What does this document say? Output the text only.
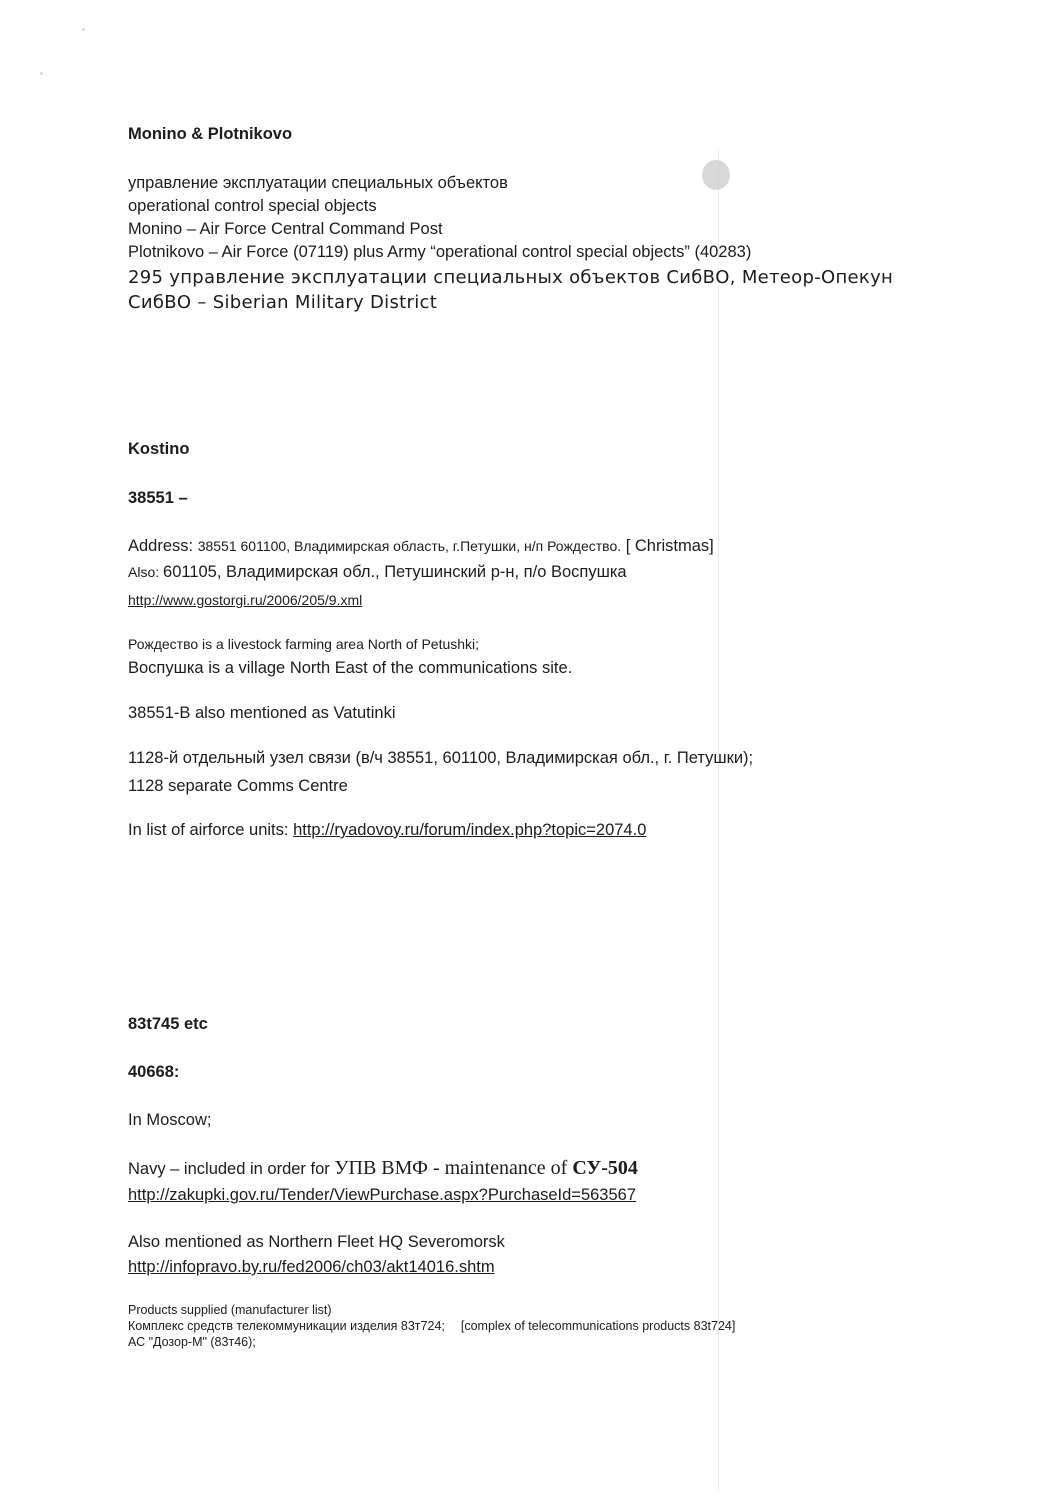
Monino & Plotnikovo
управление эксплуатации специальных объектов
operational control special objects
Monino – Air Force Central Command Post
Plotnikovo – Air Force (07119) plus Army “operational control special objects” (40283)
295 управление эксплуатации специальных объектов СибВО, Метеор-Опекун
СибВО – Siberian Military District
Kostino
38551 –
Address: 38551 601100, Владимирская область, г.Петушки, н/п Рождество. [ Christmas]
Also: 601105, Владимирская обл., Петушинский р-н, п/о Воспушка
http://www.gostorgi.ru/2006/205/9.xml
Рождество is a livestock farming area North of Petushki;
Воспушка is a village North East of the communications site.
38551-B also mentioned as Vatutinki
1128-й отдельный узел связи (в/ч 38551, 601100, Владимирская обл., г. Петушки);
1128 separate Comms Centre
In list of airforce units: http://ryadovoy.ru/forum/index.php?topic=2074.0
83t745 etc
40668:
In Moscow;
Navy – included in order for УПВ ВМФ - maintenance of СУ-504
http://zakupki.gov.ru/Tender/ViewPurchase.aspx?PurchaseId=563567
Also mentioned as Northern Fleet HQ Severomorsk
http://infopravo.by.ru/fed2006/ch03/akt14016.shtm
Products supplied (manufacturer list)
Комплекс средств телекоммуникации изделия 83т724; [complex of telecommunications products 83t724]
АС "Дозор-М" (83т46);
